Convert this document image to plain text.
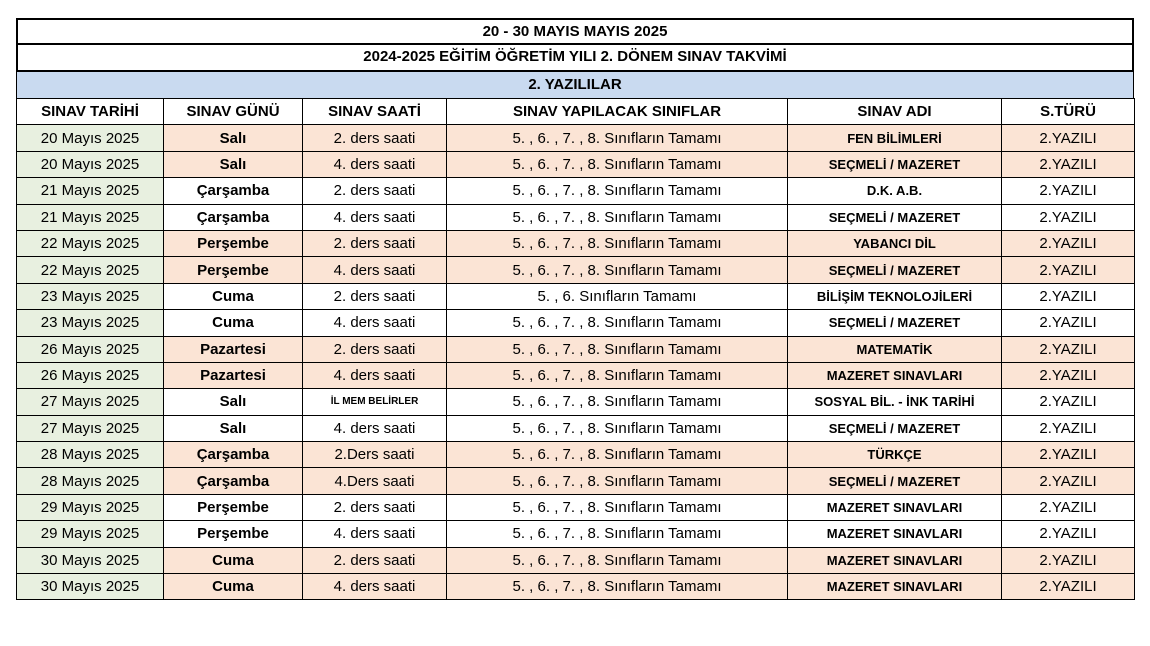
20 - 30 MAYIS MAYIS 2025
2024-2025 EĞİTİM ÖĞRETİM YILI 2. DÖNEM SINAV TAKVİMİ
2. YAZILILAR
SINAV TARİHİ	SINAV GÜNÜ	SINAV SAATİ	SINAV YAPILACAK SINIFLAR	SINAV ADI	S.TÜRÜ
20 Mayıs 2025	Salı	2. ders saati	5. , 6. , 7. , 8. Sınıfların Tamamı	FEN BİLİMLERİ	2.YAZILI
20 Mayıs 2025	Salı	4. ders saati	5. , 6. , 7. , 8. Sınıfların Tamamı	SEÇMELİ / MAZERET	2.YAZILI
21 Mayıs 2025	Çarşamba	2. ders saati	5. , 6. , 7. , 8. Sınıfların Tamamı	D.K. A.B.	2.YAZILI
21 Mayıs 2025	Çarşamba	4. ders saati	5. , 6. , 7. , 8. Sınıfların Tamamı	SEÇMELİ / MAZERET	2.YAZILI
22 Mayıs 2025	Perşembe	2. ders saati	5. , 6. , 7. , 8. Sınıfların Tamamı	YABANCI DİL	2.YAZILI
22 Mayıs 2025	Perşembe	4. ders saati	5. , 6. , 7. , 8. Sınıfların Tamamı	SEÇMELİ / MAZERET	2.YAZILI
23 Mayıs 2025	Cuma	2. ders saati	5. , 6. Sınıfların Tamamı	BİLİŞİM TEKNOLOJİLERİ	2.YAZILI
23 Mayıs 2025	Cuma	4. ders saati	5. , 6. , 7. , 8. Sınıfların Tamamı	SEÇMELİ / MAZERET	2.YAZILI
26 Mayıs 2025	Pazartesi	2. ders saati	5. , 6. , 7. , 8. Sınıfların Tamamı	MATEMATİK	2.YAZILI
26 Mayıs 2025	Pazartesi	4. ders saati	5. , 6. , 7. , 8. Sınıfların Tamamı	MAZERET SINAVLARI	2.YAZILI
27 Mayıs 2025	Salı	İL MEM BELİRLER	5. , 6. , 7. , 8. Sınıfların Tamamı	SOSYAL BİL. - İNK TARİHİ	2.YAZILI
27 Mayıs 2025	Salı	4. ders saati	5. , 6. , 7. , 8. Sınıfların Tamamı	SEÇMELİ / MAZERET	2.YAZILI
28 Mayıs 2025	Çarşamba	2.Ders saati	5. , 6. , 7. , 8. Sınıfların Tamamı	TÜRKÇE	2.YAZILI
28 Mayıs 2025	Çarşamba	4.Ders saati	5. , 6. , 7. , 8. Sınıfların Tamamı	SEÇMELİ / MAZERET	2.YAZILI
29 Mayıs 2025	Perşembe	2. ders saati	5. , 6. , 7. , 8. Sınıfların Tamamı	MAZERET SINAVLARI	2.YAZILI
29 Mayıs 2025	Perşembe	4. ders saati	5. , 6. , 7. , 8. Sınıfların Tamamı	MAZERET SINAVLARI	2.YAZILI
30 Mayıs 2025	Cuma	2. ders saati	5. , 6. , 7. , 8. Sınıfların Tamamı	MAZERET SINAVLARI	2.YAZILI
30 Mayıs 2025	Cuma	4. ders saati	5. , 6. , 7. , 8. Sınıfların Tamamı	MAZERET SINAVLARI	2.YAZILI
